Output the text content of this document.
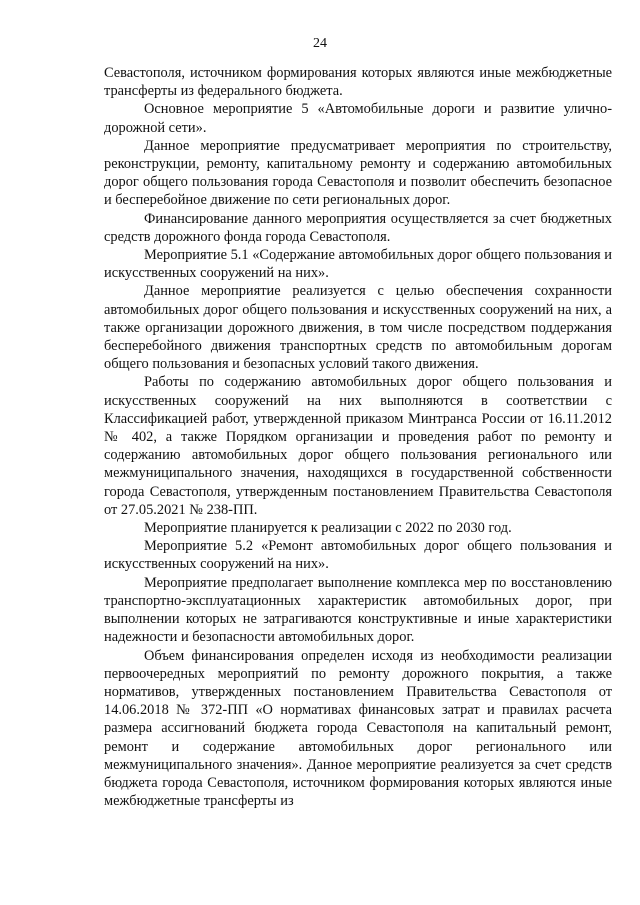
24

Севастополя, источником формирования которых являются иные межбюджетные трансферты из федерального бюджета.

Основное мероприятие 5 «Автомобильные дороги и развитие улично-дорожной сети».

Данное мероприятие предусматривает мероприятия по строительству, реконструкции, ремонту, капитальному ремонту и содержанию автомобильных дорог общего пользования города Севастополя и позволит обеспечить безопасное и бесперебойное движение по сети региональных дорог.

Финансирование данного мероприятия осуществляется за счет бюджетных средств дорожного фонда города Севастополя.

Мероприятие 5.1 «Содержание автомобильных дорог общего пользования и искусственных сооружений на них».

Данное мероприятие реализуется с целью обеспечения сохранности автомобильных дорог общего пользования и искусственных сооружений на них, а также организации дорожного движения, в том числе посредством поддержания бесперебойного движения транспортных средств по автомобильным дорогам общего пользования и безопасных условий такого движения.

Работы по содержанию автомобильных дорог общего пользования и искусственных сооружений на них выполняются в соответствии с Классификацией работ, утвержденной приказом Минтранса России от 16.11.2012 № 402, а также Порядком организации и проведения работ по ремонту и содержанию автомобильных дорог общего пользования регионального или межмуниципального значения, находящихся в государственной собственности города Севастополя, утвержденным постановлением Правительства Севастополя от 27.05.2021 № 238-ПП.

Мероприятие планируется к реализации с 2022 по 2030 год.

Мероприятие 5.2 «Ремонт автомобильных дорог общего пользования и искусственных сооружений на них».

Мероприятие предполагает выполнение комплекса мер по восстановлению транспортно-эксплуатационных характеристик автомобильных дорог, при выполнении которых не затрагиваются конструктивные и иные характеристики надежности и безопасности автомобильных дорог.

Объем финансирования определен исходя из необходимости реализации первоочередных мероприятий по ремонту дорожного покрытия, а также нормативов, утвержденных постановлением Правительства Севастополя от 14.06.2018 № 372-ПП «О нормативах финансовых затрат и правилах расчета размера ассигнований бюджета города Севастополя на капитальный ремонт, ремонт и содержание автомобильных дорог регионального или межмуниципального значения». Данное мероприятие реализуется за счет средств бюджета города Севастополя, источником формирования которых являются иные межбюджетные трансферты из
